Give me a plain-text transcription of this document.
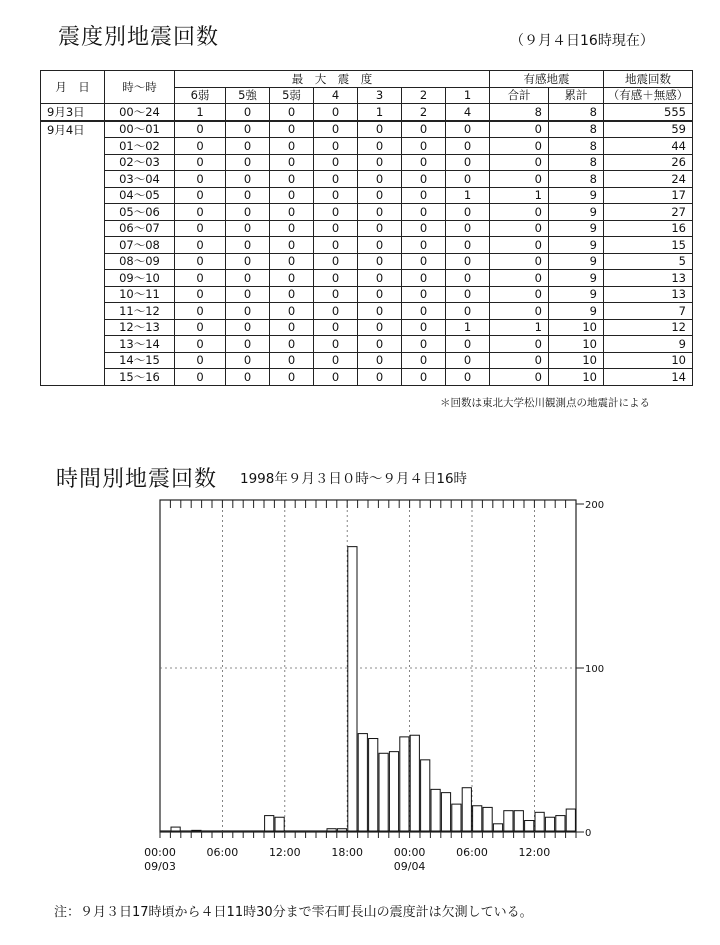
震度別地震回数	（９月４日16時現在）
月　日	時～時	最　大　震　度							有感地震		地震回数
		6弱	5強	5弱	4	3	2	1	合計	累計	（有感＋無感）
9月3日	00～24	1	0	0	0	1	2	4	8	8	555
9月4日	00～01	0	0	0	0	0	0	0	0	8	59
	01～02	0	0	0	0	0	0	0	0	8	44
	02～03	0	0	0	0	0	0	0	0	8	26
	03～04	0	0	0	0	0	0	0	0	8	24
	04～05	0	0	0	0	0	0	1	1	9	17
	05～06	0	0	0	0	0	0	0	0	9	27
	06～07	0	0	0	0	0	0	0	0	9	16
	07～08	0	0	0	0	0	0	0	0	9	15
	08～09	0	0	0	0	0	0	0	0	9	5
	09～10	0	0	0	0	0	0	0	0	9	13
	10～11	0	0	0	0	0	0	0	0	9	13
	11～12	0	0	0	0	0	0	0	0	9	7
	12～13	0	0	0	0	0	0	1	1	10	12
	13～14	0	0	0	0	0	0	0	0	10	9
	14～15	0	0	0	0	0	0	0	0	10	10
	15～16	0	0	0	0	0	0	0	0	10	14
＊回数は東北大学松川観測点の地震計による
時間別地震回数 1998年９月３日０時～９月４日16時
0
100
200
00:00	06:00	12:00	18:00	00:00	06:00	12:00
09/03	09/04
注：９月３日17時頃から４日11時30分まで雫石町長山の震度計は欠測している。
